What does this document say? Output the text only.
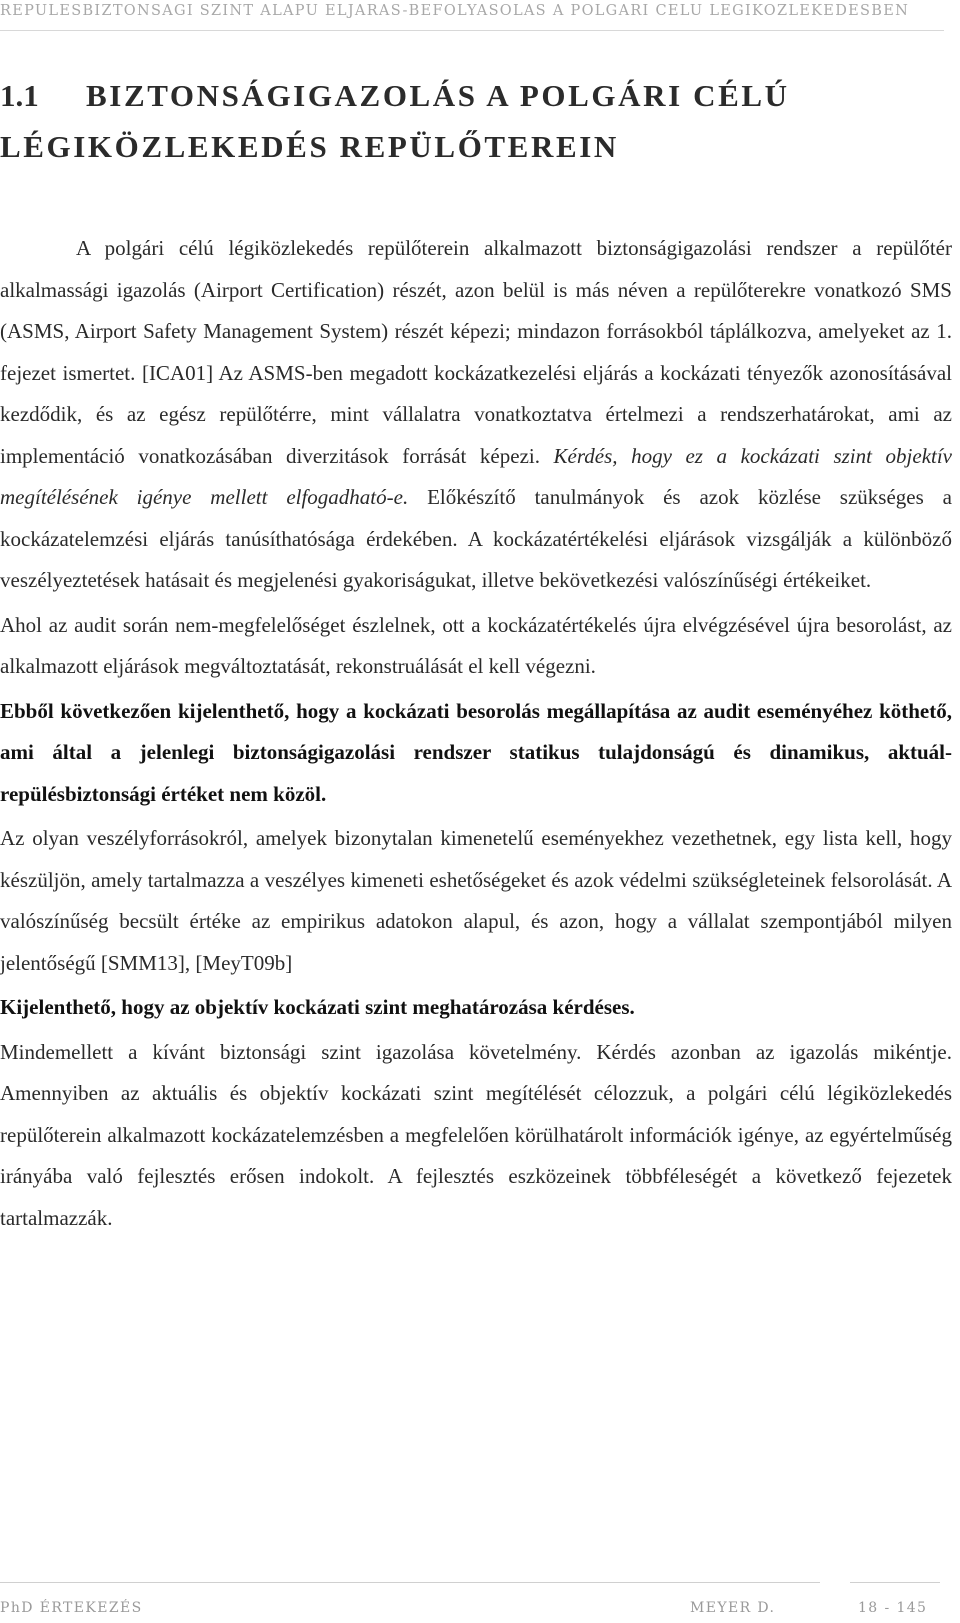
REPÜLÉSBIZTONSÁGI SZINT ALAPÚ ELJÁRÁS-BEFOLYÁSOLÁS A POLGÁRI CÉLÚ LÉGIKÖZLEKEDÉSBEN
1.1 BIZTONSÁGIGAZOLÁS A POLGÁRI CÉLÚ
LÉGIKÖZLEKEDÉS REPÜLŐTEREIN

A polgári célú légiközlekedés repülőterein alkalmazott biztonságigazolási rendszer a repülőtér alkalmassági igazolás (Airport Certification) részét, azon belül is más néven a repülőterekre vonatkozó SMS (ASMS, Airport Safety Management System) részét képezi; mindazon forrásokból táplálkozva, amelyeket az 1. fejezet ismertet. [ICA01] Az ASMS-ben megadott kockázatkezelési eljárás a kockázati tényezők azonosításával kezdődik, és az egész repülőtérre, mint vállalatra vonatkoztatva értelmezi a rendszerhatárokat, ami az implementáció vonatkozásában diverzitások forrását képezi. Kérdés, hogy ez a kockázati szint objektív megítélésének igénye mellett elfogadható-e. Előkészítő tanulmányok és azok közlése szükséges a kockázatelemzési eljárás tanúsíthatósága érdekében. A kockázatértékelési eljárások vizsgálják a különböző veszélyeztetések hatásait és megjelenési gyakoriságukat, illetve bekövetkezési valószínűségi értékeiket.

Ahol az audit során nem-megfelelőséget észlelnek, ott a kockázatértékelés újra elvégzésével újra besorolást, az alkalmazott eljárások megváltoztatását, rekonstruálását el kell végezni.

Ebből következően kijelenthető, hogy a kockázati besorolás megállapítása az audit eseményéhez köthető, ami által a jelenlegi biztonságigazolási rendszer statikus tulajdonságú és dinamikus, aktuál-repülésbiztonsági értéket nem közöl.

Az olyan veszélyforrásokról, amelyek bizonytalan kimenetelű eseményekhez vezethetnek, egy lista kell, hogy készüljön, amely tartalmazza a veszélyes kimeneti eshetőségeket és azok védelmi szükségleteinek felsorolását. A valószínűség becsült értéke az empirikus adatokon alapul, és azon, hogy a vállalat szempontjából milyen jelentőségű [SMM13], [MeyT09b]

Kijelenthető, hogy az objektív kockázati szint meghatározása kérdéses.

Mindemellett a kívánt biztonsági szint igazolása követelmény. Kérdés azonban az igazolás mikéntje. Amennyiben az aktuális és objektív kockázati szint megítélését célozzuk, a polgári célú légiközlekedés repülőterein alkalmazott kockázatelemzésben a megfelelően körülhatárolt információk igénye, az egyértelműség irányába való fejlesztés erősen indokolt. A fejlesztés eszközeinek többféleségét a következő fejezetek tartalmazzák.

PhD ÉRTEKEZÉS	MEYER D.	18 - 145
